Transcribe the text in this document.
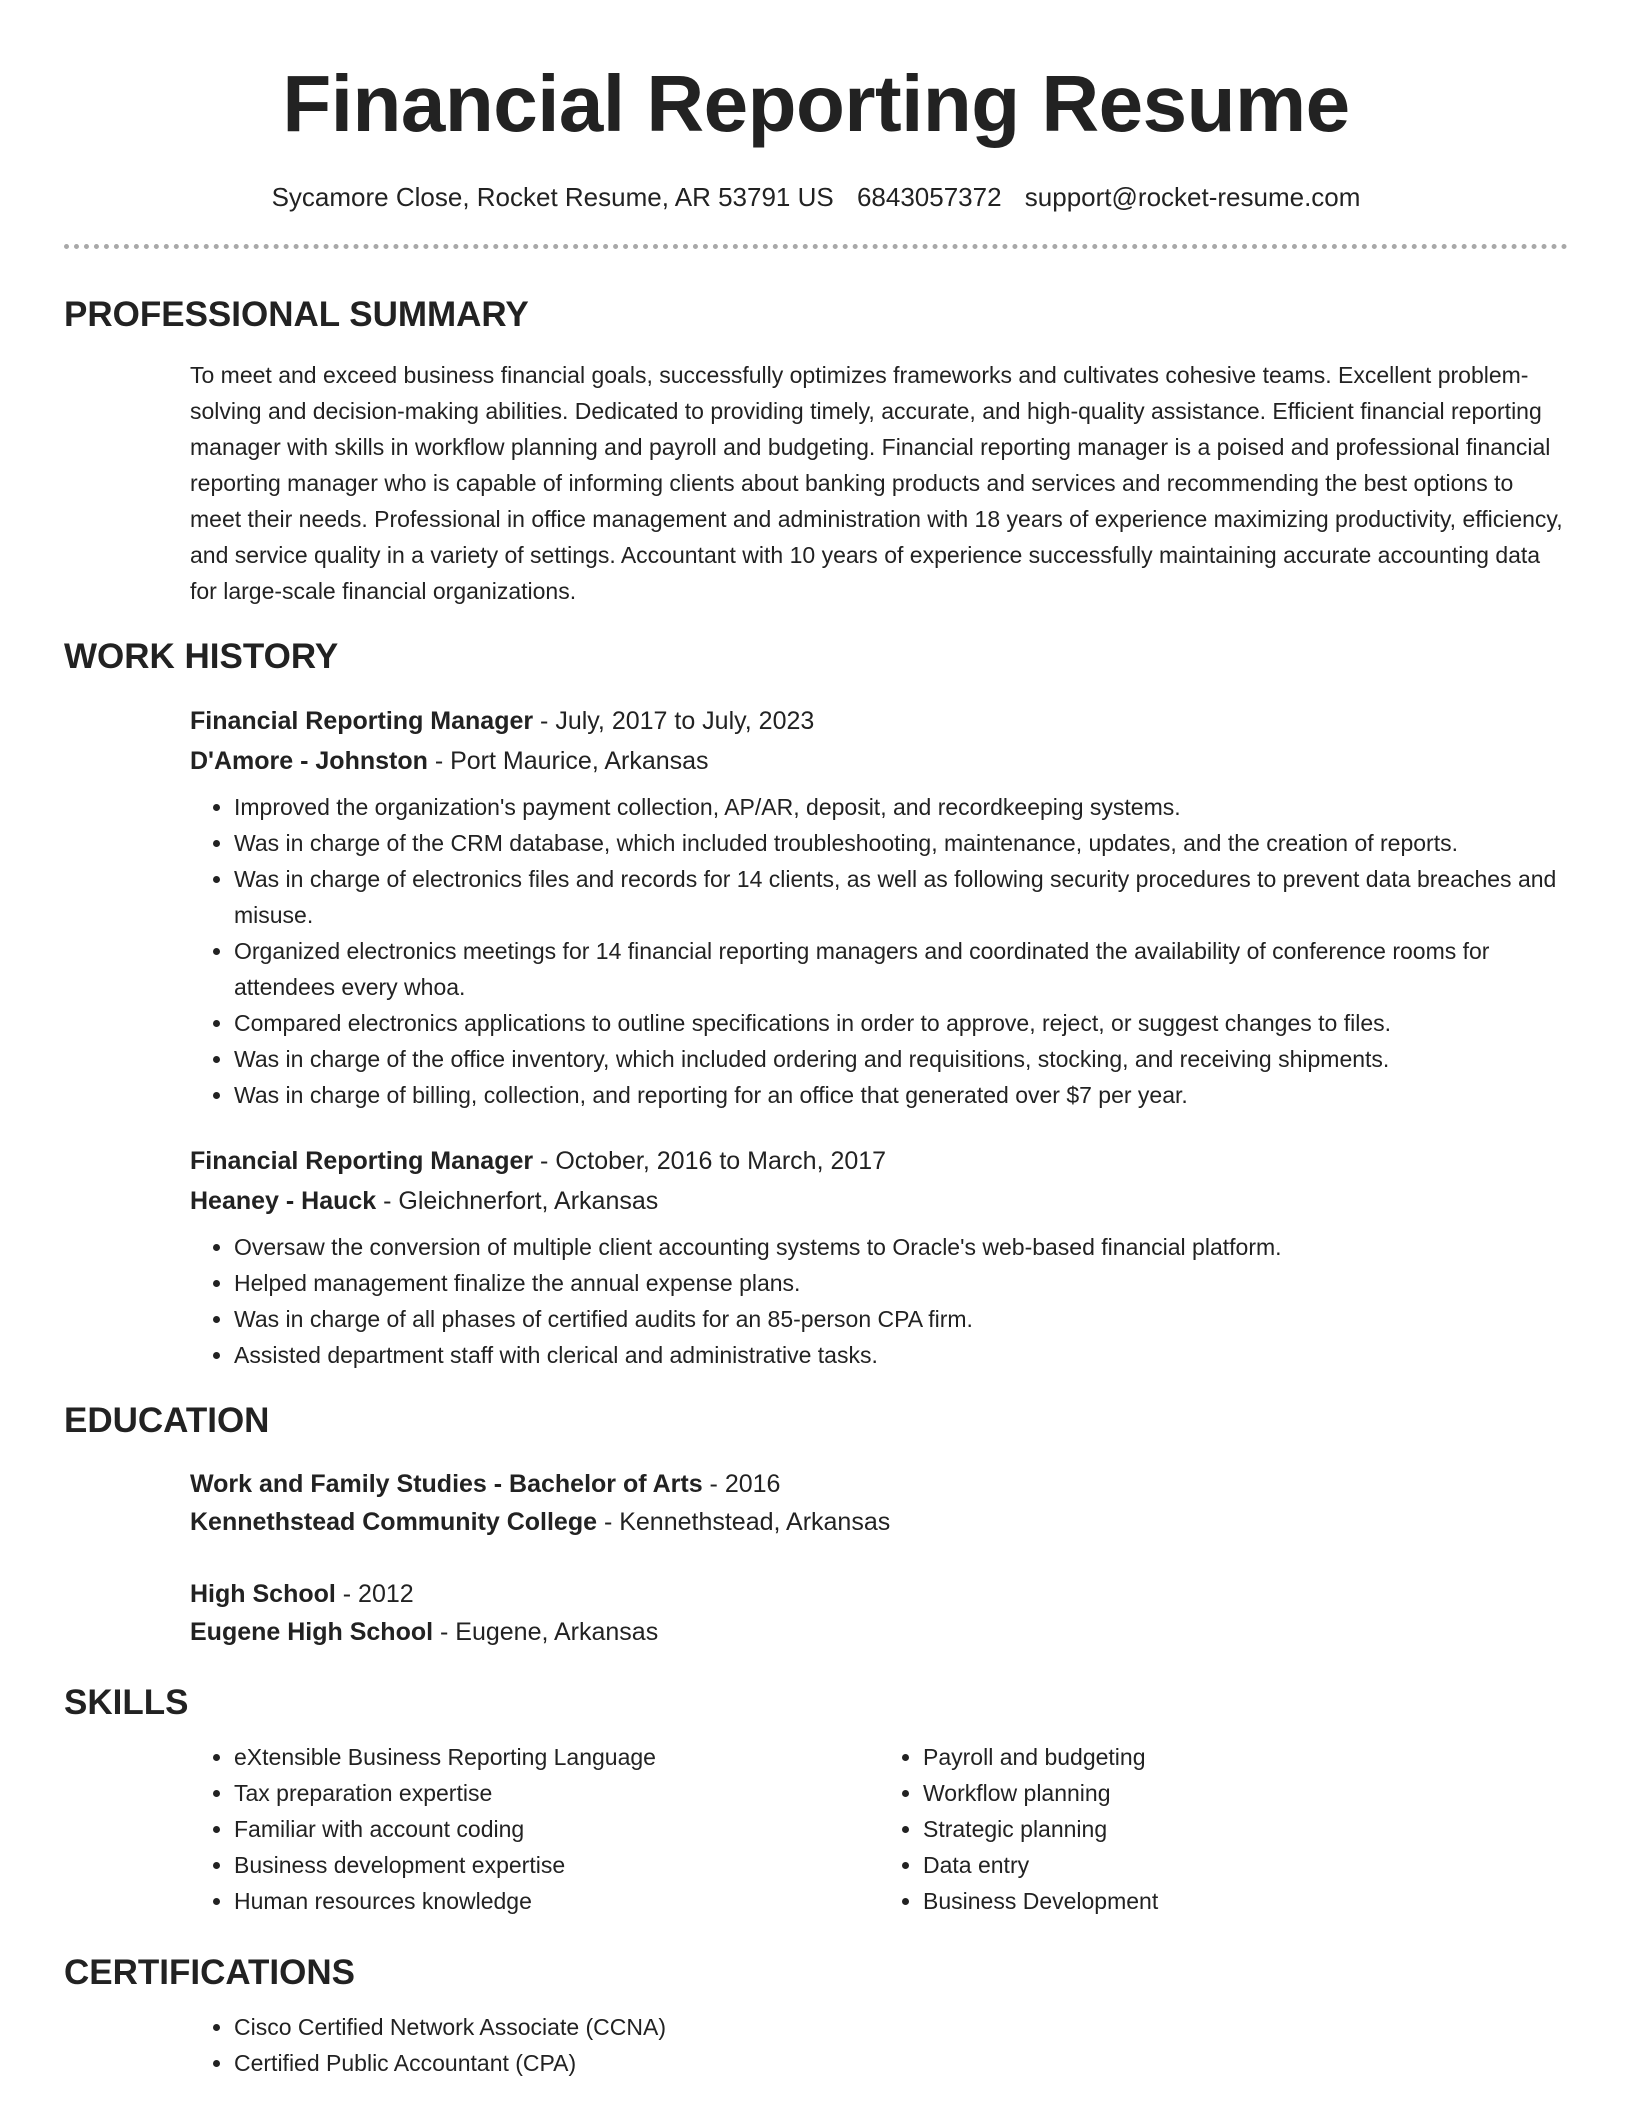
Financial Reporting Resume
Sycamore Close, Rocket Resume, AR 53791 US 6843057372 support@rocket-resume.com
PROFESSIONAL SUMMARY
To meet and exceed business financial goals, successfully optimizes frameworks and cultivates cohesive teams. Excellent problem-solving and decision-making abilities. Dedicated to providing timely, accurate, and high-quality assistance. Efficient financial reporting manager with skills in workflow planning and payroll and budgeting. Financial reporting manager is a poised and professional financial reporting manager who is capable of informing clients about banking products and services and recommending the best options to meet their needs. Professional in office management and administration with 18 years of experience maximizing productivity, efficiency, and service quality in a variety of settings. Accountant with 10 years of experience successfully maintaining accurate accounting data for large-scale financial organizations.
WORK HISTORY
Financial Reporting Manager - July, 2017 to July, 2023
D'Amore - Johnston - Port Maurice, Arkansas
• Improved the organization's payment collection, AP/AR, deposit, and recordkeeping systems.
• Was in charge of the CRM database, which included troubleshooting, maintenance, updates, and the creation of reports.
• Was in charge of electronics files and records for 14 clients, as well as following security procedures to prevent data breaches and misuse.
• Organized electronics meetings for 14 financial reporting managers and coordinated the availability of conference rooms for attendees every whoa.
• Compared electronics applications to outline specifications in order to approve, reject, or suggest changes to files.
• Was in charge of the office inventory, which included ordering and requisitions, stocking, and receiving shipments.
• Was in charge of billing, collection, and reporting for an office that generated over $7 per year.
Financial Reporting Manager - October, 2016 to March, 2017
Heaney - Hauck - Gleichnerfort, Arkansas
• Oversaw the conversion of multiple client accounting systems to Oracle's web-based financial platform.
• Helped management finalize the annual expense plans.
• Was in charge of all phases of certified audits for an 85-person CPA firm.
• Assisted department staff with clerical and administrative tasks.
EDUCATION
Work and Family Studies - Bachelor of Arts - 2016
Kennethstead Community College - Kennethstead, Arkansas
High School - 2012
Eugene High School - Eugene, Arkansas
SKILLS
• eXtensible Business Reporting Language
• Tax preparation expertise
• Familiar with account coding
• Business development expertise
• Human resources knowledge
• Payroll and budgeting
• Workflow planning
• Strategic planning
• Data entry
• Business Development
CERTIFICATIONS
• Cisco Certified Network Associate (CCNA)
• Certified Public Accountant (CPA)
